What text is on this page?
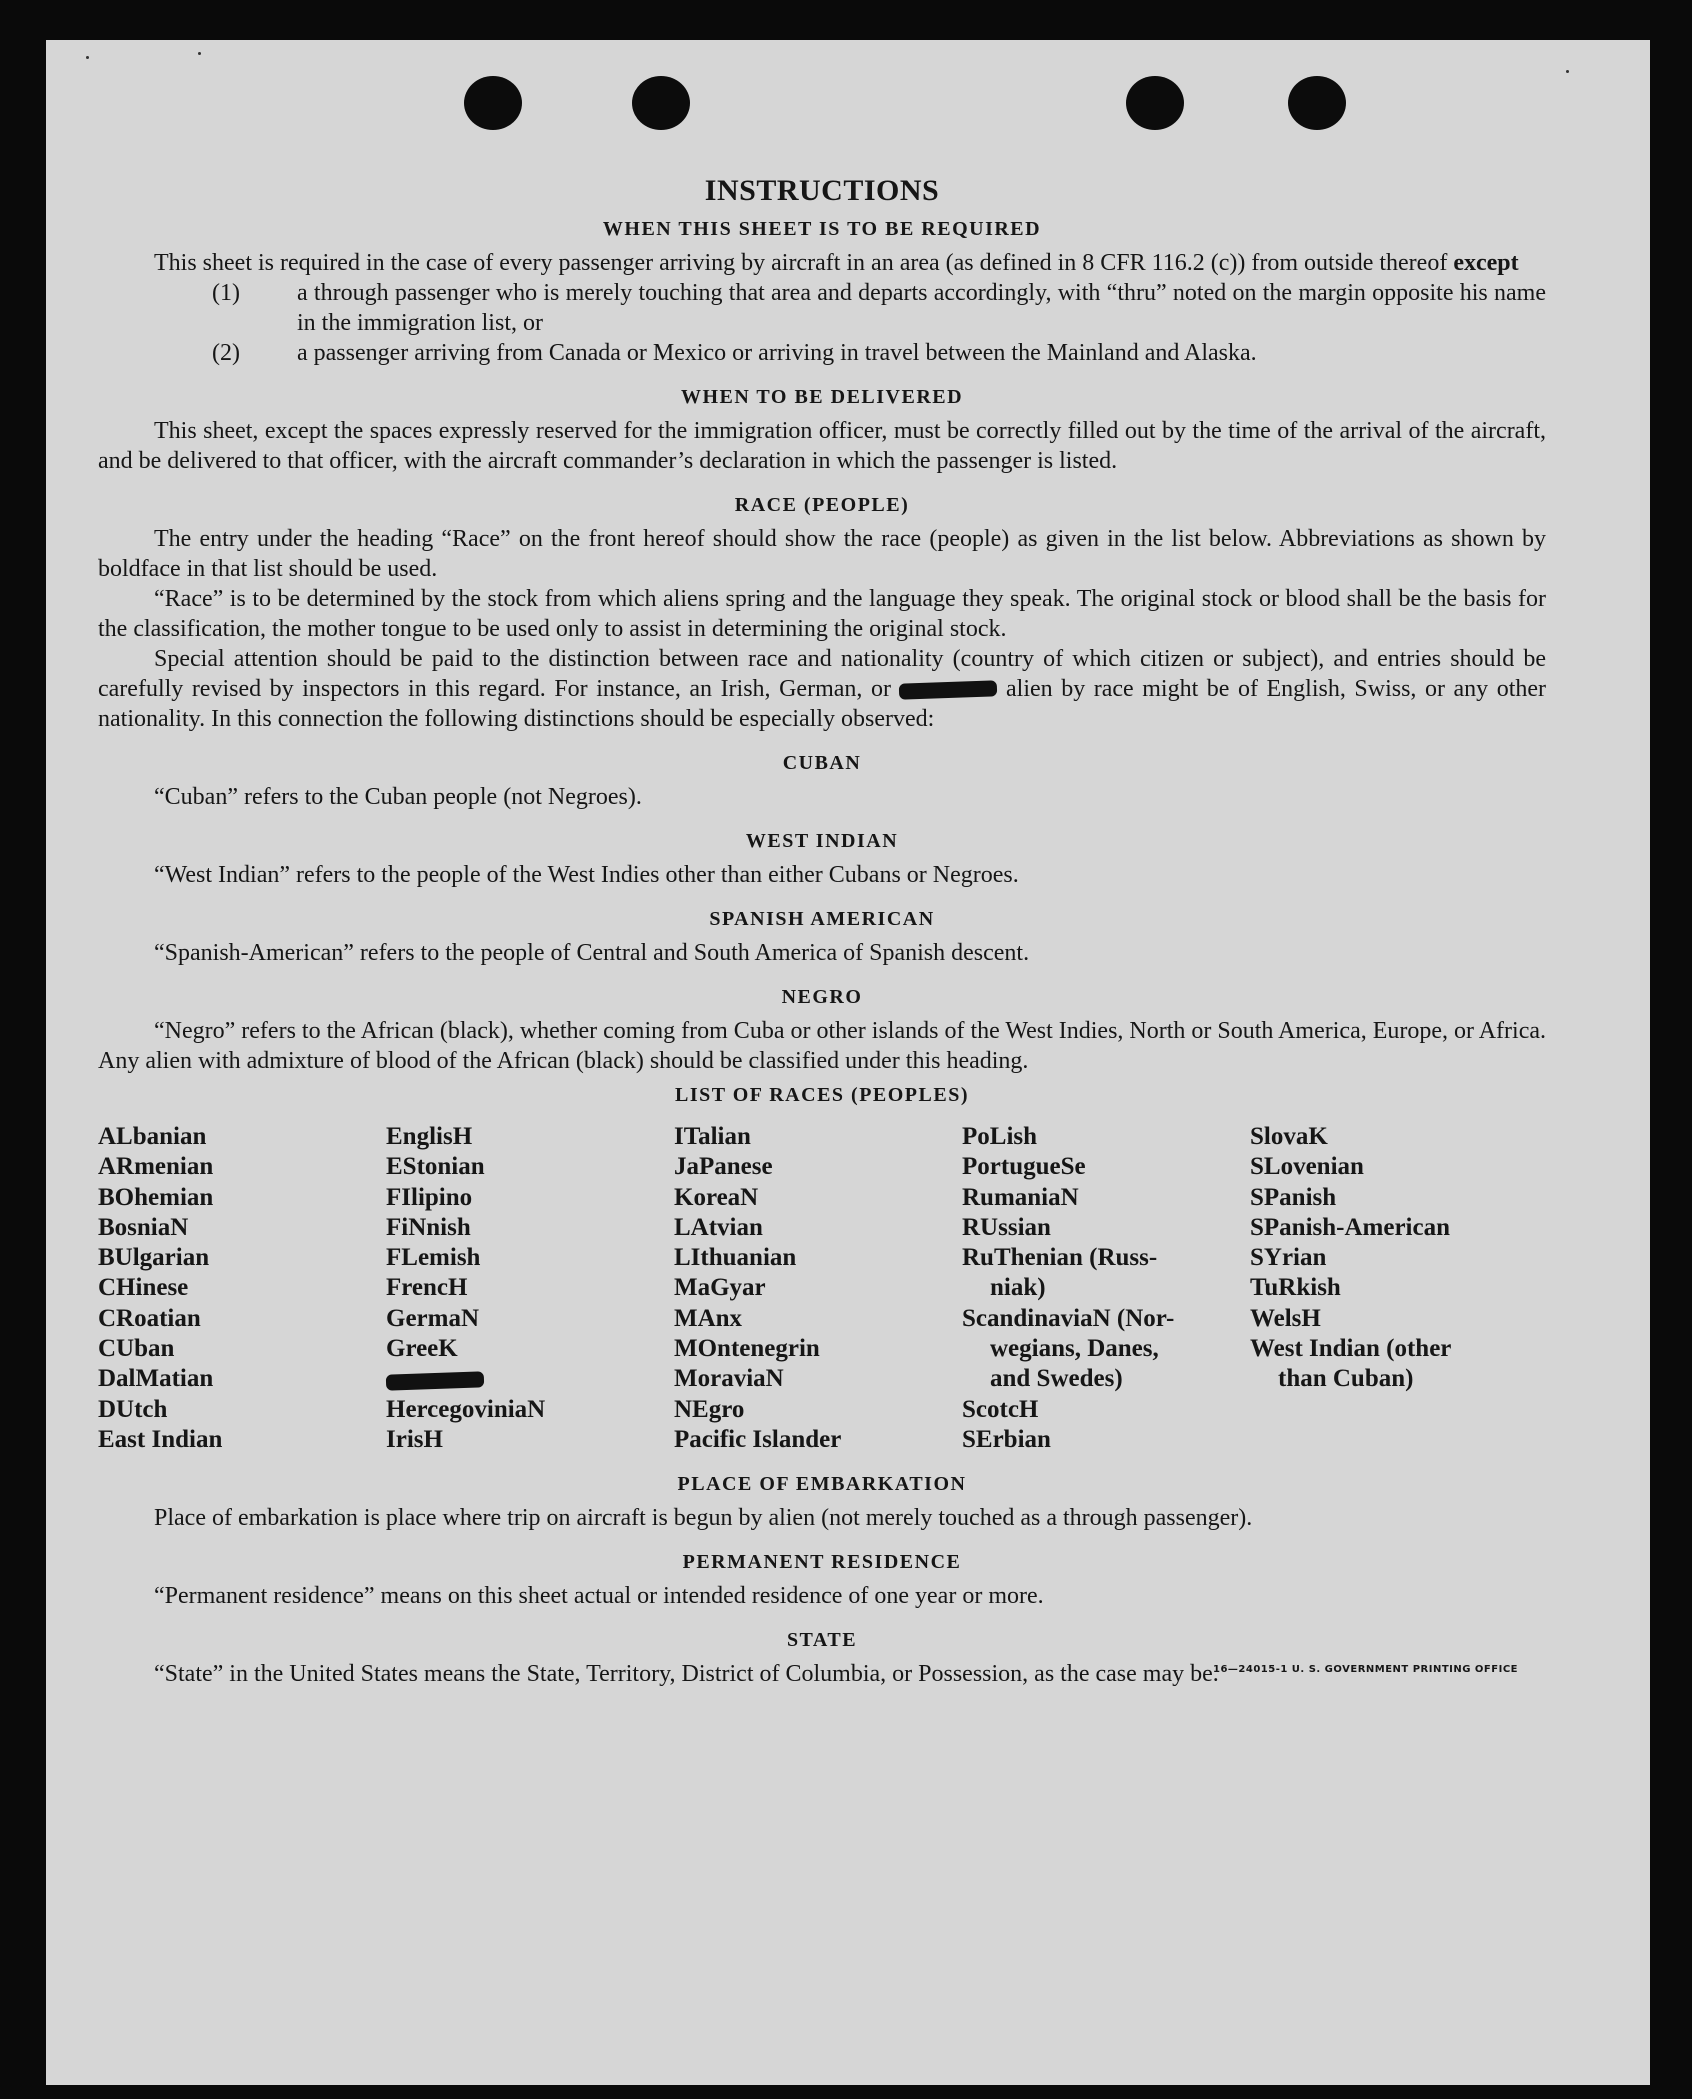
INSTRUCTIONS
WHEN THIS SHEET IS TO BE REQUIRED

This sheet is required in the case of every passenger arriving by aircraft in an area (as defined in 8 CFR 116.2 (c)) from outside thereof except

(1) a through passenger who is merely touching that area and departs accordingly, with “thru” noted on the margin opposite his name in the immigration list, or

(2) a passenger arriving from Canada or Mexico or arriving in travel between the Mainland and Alaska.

WHEN TO BE DELIVERED

This sheet, except the spaces expressly reserved for the immigration officer, must be correctly filled out by the time of the arrival of the aircraft, and be delivered to that officer, with the aircraft commander’s declaration in which the passenger is listed.

RACE (PEOPLE)

The entry under the heading “Race” on the front hereof should show the race (people) as given in the list below. Abbreviations as shown by boldface in that list should be used.

“Race” is to be determined by the stock from which aliens spring and the language they speak. The original stock or blood shall be the basis for the classification, the mother tongue to be used only to assist in determining the original stock.

Special attention should be paid to the distinction between race and nationality (country of which citizen or subject), and entries should be carefully revised by inspectors in this regard. For instance, an Irish, German, or	alien by race might be of English, Swiss, or any other nationality. In this connection the following distinctions should be especially observed:

CUBAN

“Cuban” refers to the Cuban people (not Negroes).

WEST INDIAN

“West Indian” refers to the people of the West Indies other than either Cubans or Negroes.

SPANISH AMERICAN

“Spanish-American” refers to the people of Central and South America of Spanish descent.

NEGRO

“Negro” refers to the African (black), whether coming from Cuba or other islands of the West Indies, North or South America, Europe, or Africa. Any alien with admixture of blood of the African (black) should be classified under this heading.

LIST OF RACES (PEOPLES)
ALbanian
ARmenian
BOhemian
BosniaN
BUlgarian
CHinese
CRoatian
CUban
DalMatian
DUtch
East Indian
EnglisH
EStonian
FIlipino
FiNnish
FLemish
FrencH
GermaN
GreeK
HercegoviniaN
IrisH
ITalian
JaPanese
KoreaN
LAtvian
LIthuanian
MaGyar
MAnx
MOntenegrin
MoraviaN
NEgro
Pacific Islander
PoLish
PortugueSe
RumaniaN
RUssian
RuThenian (Russ-
niak)
ScandinaviaN (Nor-
wegians, Danes,
and Swedes)
ScotcH
SErbian
SlovaK
SLovenian
SPanish
SPanish-American
SYrian
TuRkish
WelsH
West Indian (other
than Cuban)
PLACE OF EMBARKATION

Place of embarkation is place where trip on aircraft is begun by alien (not merely touched as a through passenger).

PERMANENT RESIDENCE

“Permanent residence” means on this sheet actual or intended residence of one year or more.

STATE

“State” in the United States means the State, Territory, District of Columbia, or Possession, as the case may be.

16—24015-1 U. S. GOVERNMENT PRINTING OFFICE
